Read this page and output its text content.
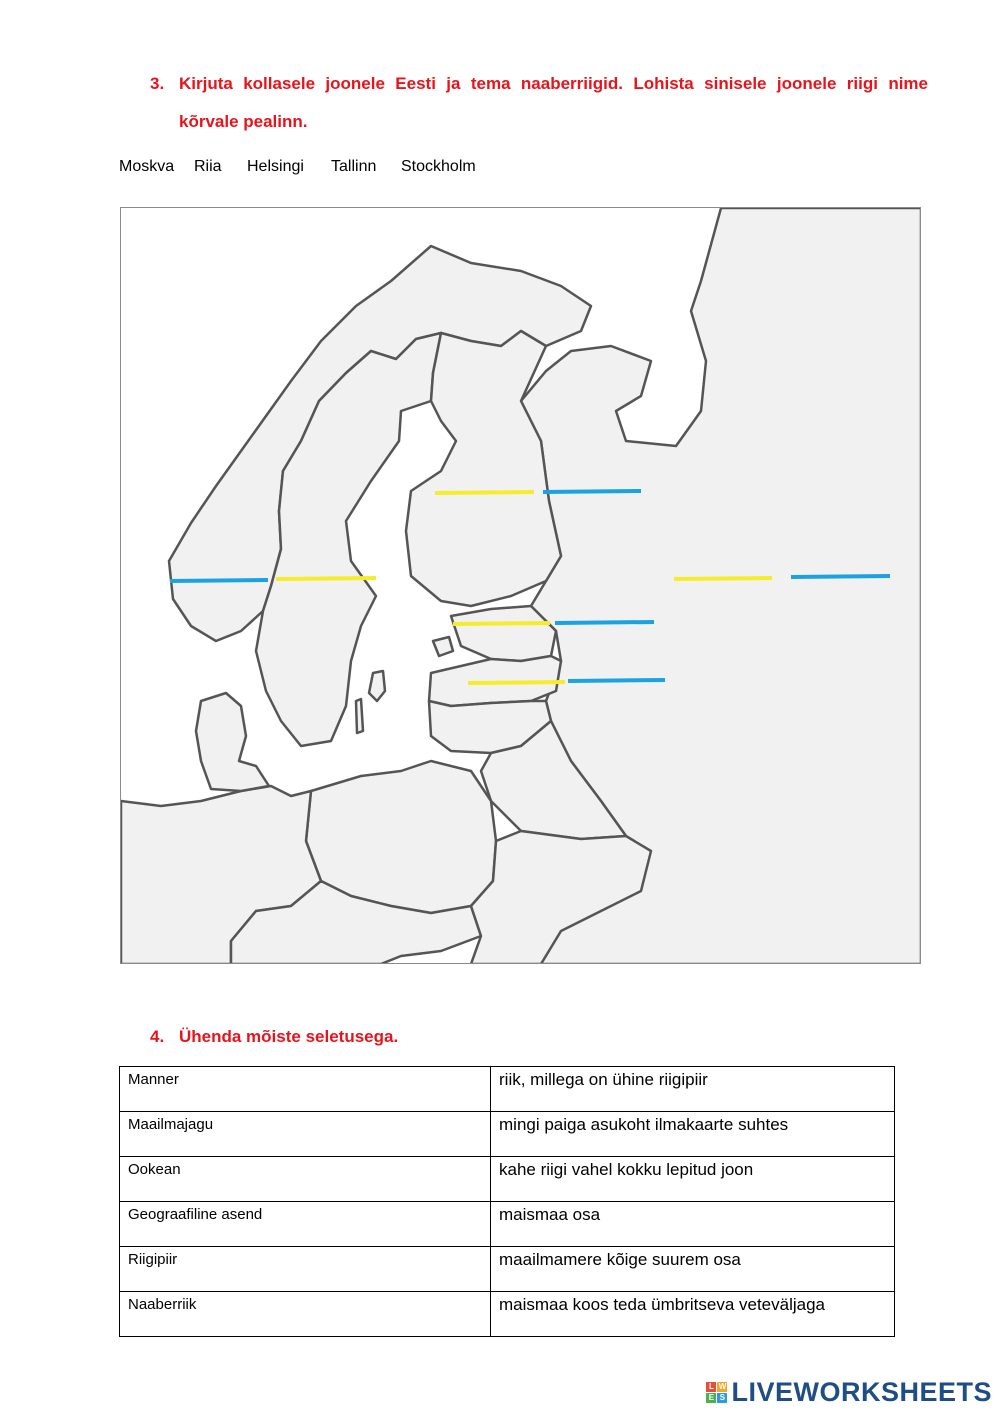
3. Kirjuta kollasele joonele Eesti ja tema naaberriigid. Lohista sinisele joonele riigi nime kõrvale pealinn.
Moskva Riia Helsingi Tallinn Stockholm
4. Ühenda mõiste seletusega.
Manner	riik, millega on ühine riigipiir
Maailmajagu	mingi paiga asukoht ilmakaarte suhtes
Ookean	kahe riigi vahel kokku lepitud joon
Geograafiline asend	maismaa osa
Riigipiir	maailmamere kõige suurem osa
Naaberriik	maismaa koos teda ümbritseva veteväljaga
L W
E S LIVEWORKSHEETS
